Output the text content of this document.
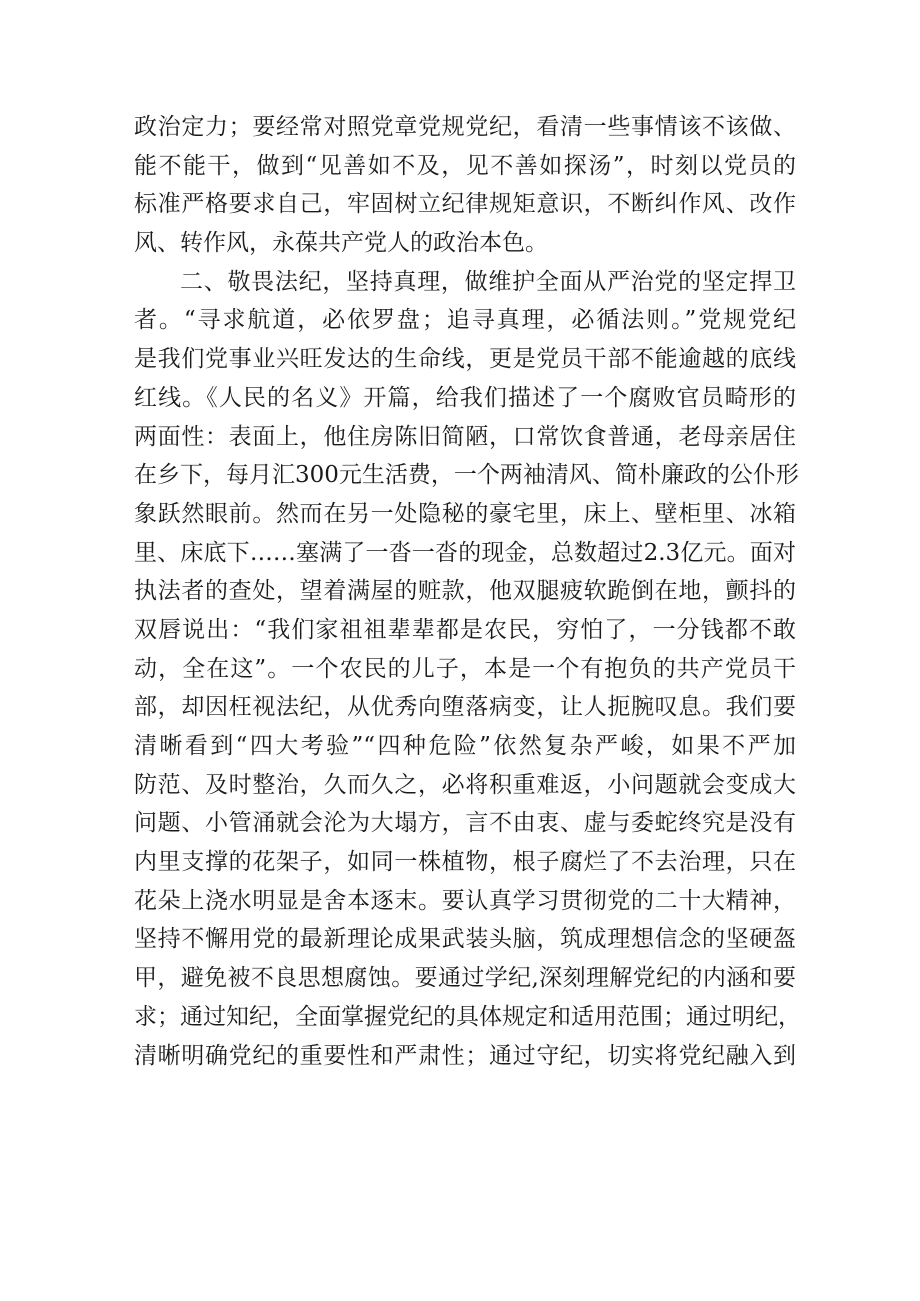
政治定力；要经常对照党章党规党纪，看清一些事情该不该做、
能不能干，做到“见善如不及，见不善如探汤”，时刻以党员的
标准严格要求自己，牢固树立纪律规矩意识，不断纠作风、改作
风、转作风，永葆共产党人的政治本色。
二、敬畏法纪，坚持真理，做维护全面从严治党的坚定捍卫
者。“寻求航道，必依罗盘；追寻真理，必循法则。”党规党纪
是我们党事业兴旺发达的生命线，更是党员干部不能逾越的底线
红线。《人民的名义》开篇，给我们描述了一个腐败官员畸形的
两面性：表面上，他住房陈旧简陋，口常饮食普通，老母亲居住
在乡下，每月汇300元生活费，一个两袖清风、简朴廉政的公仆形
象跃然眼前。然而在另一处隐秘的豪宅里，床上、壁柜里、冰箱
里、床底下……塞满了一沓一沓的现金，总数超过2.3亿元。面对
执法者的查处，望着满屋的赃款，他双腿疲软跪倒在地，颤抖的
双唇说出：“我们家祖祖辈辈都是农民，穷怕了，一分钱都不敢
动，全在这”。一个农民的儿子，本是一个有抱负的共产党员干
部，却因枉视法纪，从优秀向堕落病变，让人扼腕叹息。我们要
清晰看到“四大考验”“四种危险”依然复杂严峻，如果不严加
防范、及时整治，久而久之，必将积重难返，小问题就会变成大
问题、小管涌就会沦为大塌方，言不由衷、虚与委蛇终究是没有
内里支撑的花架子，如同一株植物，根子腐烂了不去治理，只在
花朵上浇水明显是舍本逐末。要认真学习贯彻党的二十大精神，
坚持不懈用党的最新理论成果武装头脑，筑成理想信念的坚硬盔
甲，避免被不良思想腐蚀。要通过学纪,深刻理解党纪的内涵和要
求；通过知纪，全面掌握党纪的具体规定和适用范围；通过明纪，
清晰明确党纪的重要性和严肃性；通过守纪，切实将党纪融入到
